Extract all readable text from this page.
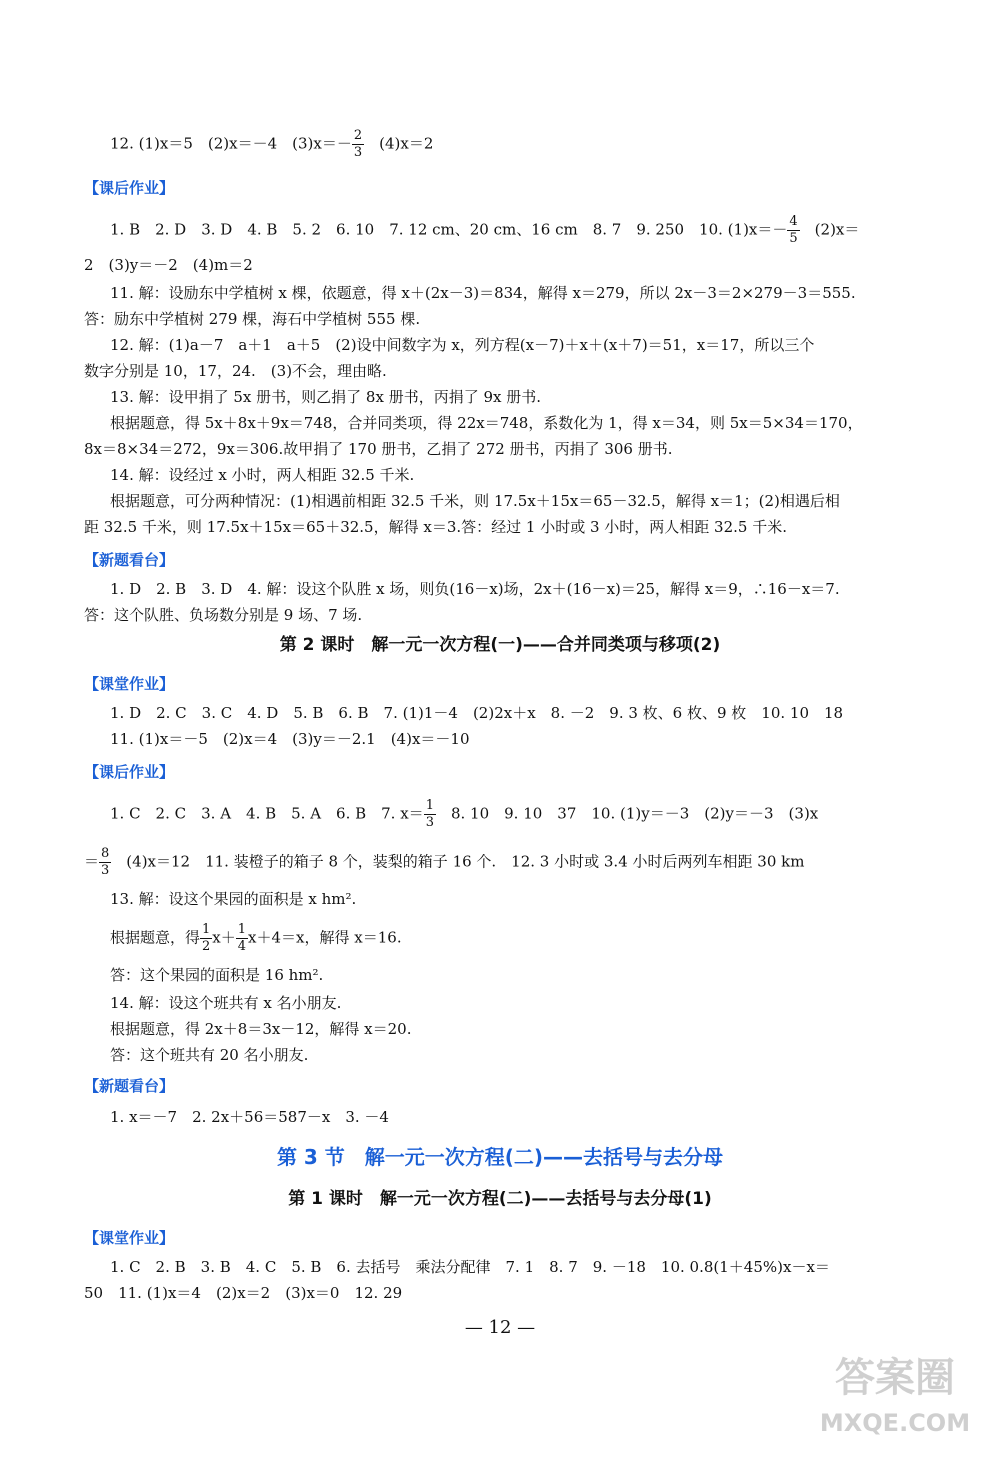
12. (1)x＝5　(2)x＝－4　$(3)x=- \frac{2}{3}$ 　(4)x＝2
【课后作业】
1. B　2. D　3. D　4. B　5. 2　6. 10　7. 12 cm、20 cm、16 cm　8. 7　9. 250　10. $(1)x=- \frac{4}{5}$ 　(2)x＝
2　(3)y＝－2　(4)m＝2
11. 解：设励东中学植树 x 棵，依题意，得 x＋(2x－3)＝834，解得 x＝279，所以 2x－3＝2×279－3＝555.
答：励东中学植树 279 棵，海石中学植树 555 棵.
12. 解：(1)a－7　a＋1　a＋5　(2)设中间数字为 x，列方程(x－7)＋x＋(x＋7)＝51，x＝17，所以三个
数字分别是 10，17，24.　(3)不会，理由略.
13. 解：设甲捐了 5x 册书，则乙捐了 8x 册书，丙捐了 9x 册书.
根据题意，得 5x＋8x＋9x＝748，合并同类项，得 22x＝748，系数化为 1，得 x＝34，则 5x＝5×34＝170，
8x＝8×34＝272，9x＝306.故甲捐了 170 册书，乙捐了 272 册书，丙捐了 306 册书.
14. 解：设经过 x 小时，两人相距 32.5 千米.
根据题意，可分两种情况：(1)相遇前相距 32.5 千米，则 17.5x＋15x＝65－32.5，解得 x＝1；(2)相遇后相
距 32.5 千米，则 17.5x＋15x＝65＋32.5，解得 x＝3.答：经过 1 小时或 3 小时，两人相距 32.5 千米.
【新题看台】
1. D　2. B　3. D　4. 解：设这个队胜 x 场，则负(16－x)场，2x＋(16－x)＝25，解得 x＝9，∴16－x＝7.
答：这个队胜、负场数分别是 9 场、7 场.
第 2 课时　解一元一次方程(一)——合并同类项与移项(2)
【课堂作业】
1. D　2. C　3. C　4. D　5. B　6. B　7. (1)1－4　(2)2x＋x　8. －2　9. 3 枚、6 枚、9 枚　10. 10　18
11. (1)x＝－5　(2)x＝4　(3)y＝－2.1　(4)x＝－10
【课后作业】
1. C　2. C　3. A　4. B　5. A　6. B　7. $x= \frac{1}{3}$ 　8. 10　9. 10　37　10. (1)y＝－3　(2)y＝－3　(3)x
＝ $\frac{8}{3}$ 　(4)x＝12　11. 装橙子的箱子 8 个，装梨的箱子 16 个.　12. 3 小时或 3.4 小时后两列车相距 30 km
13. 解：设这个果园的面积是 x hm².
根据题意，得 $\frac{1}{2} x+ \frac{1}{4} x+4=x$，解得 x＝16.
答：这个果园的面积是 16 hm².
14. 解：设这个班共有 x 名小朋友.
根据题意，得 2x＋8＝3x－12，解得 x＝20.
答：这个班共有 20 名小朋友.
【新题看台】
1. x＝－7　2. 2x＋56＝587－x　3. －4
第 3 节　解一元一次方程(二)——去括号与去分母
第 1 课时　解一元一次方程(二)——去括号与去分母(1)
【课堂作业】
1. C　2. B　3. B　4. C　5. B　6. 去括号　乘法分配律　7. 1　8. 7　9. －18　10. 0.8(1＋45%)x－x＝
50　11. (1)x＝4　(2)x＝2　(3)x＝0　12. 29
— 12 —
答案圈
MXQE.COM
